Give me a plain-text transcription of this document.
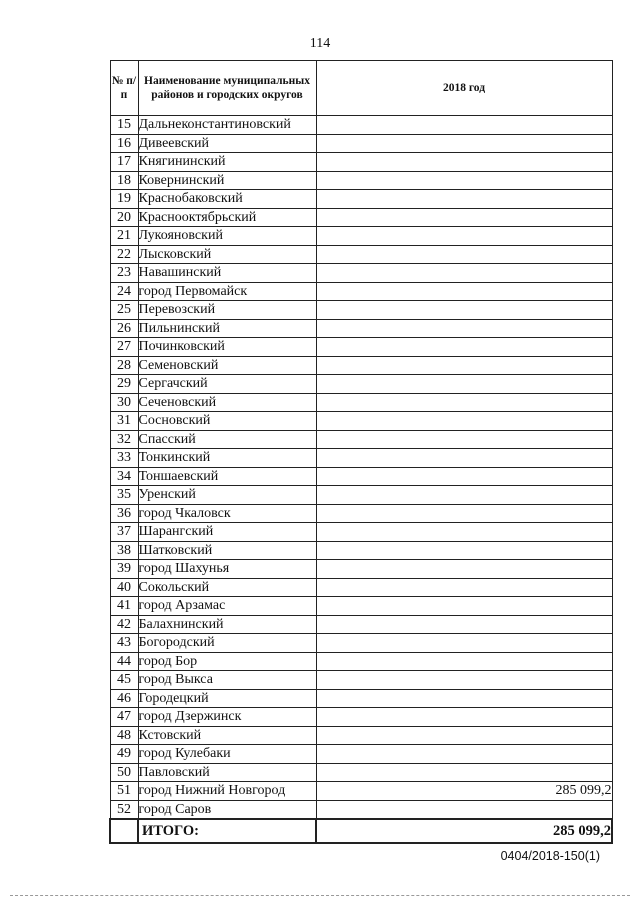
114
№ п/п	Наименование муниципальных районов и городских округов	2018 год
15	Дальнеконстантиновский	
16	Дивеевский	
17	Княгининский	
18	Ковернинский	
19	Краснобаковский	
20	Краснооктябрьский	
21	Лукояновский	
22	Лысковский	
23	Навашинский	
24	город Первомайск	
25	Перевозский	
26	Пильнинский	
27	Починковский	
28	Семеновский	
29	Сергачский	
30	Сеченовский	
31	Сосновский	
32	Спасский	
33	Тонкинский	
34	Тоншаевский	
35	Уренский	
36	город Чкаловск	
37	Шарангский	
38	Шатковский	
39	город Шахунья	
40	Сокольский	
41	город Арзамас	
42	Балахнинский	
43	Богородский	
44	город Бор	
45	город Выкса	
46	Городецкий	
47	город Дзержинск	
48	Кстовский	
49	город Кулебаки	
50	Павловский	
51	город Нижний Новгород	285 099,2
52	город Саров	
	ИТОГО:	285 099,2
0404/2018-150(1)
